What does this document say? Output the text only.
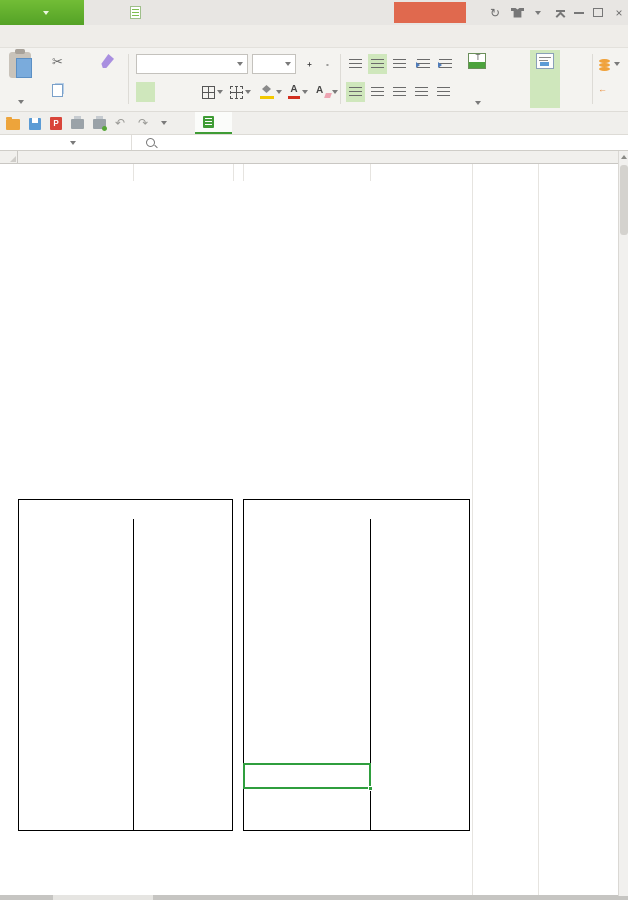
↻	×
✂	+ -
A A
T	←
P	↶	↷
